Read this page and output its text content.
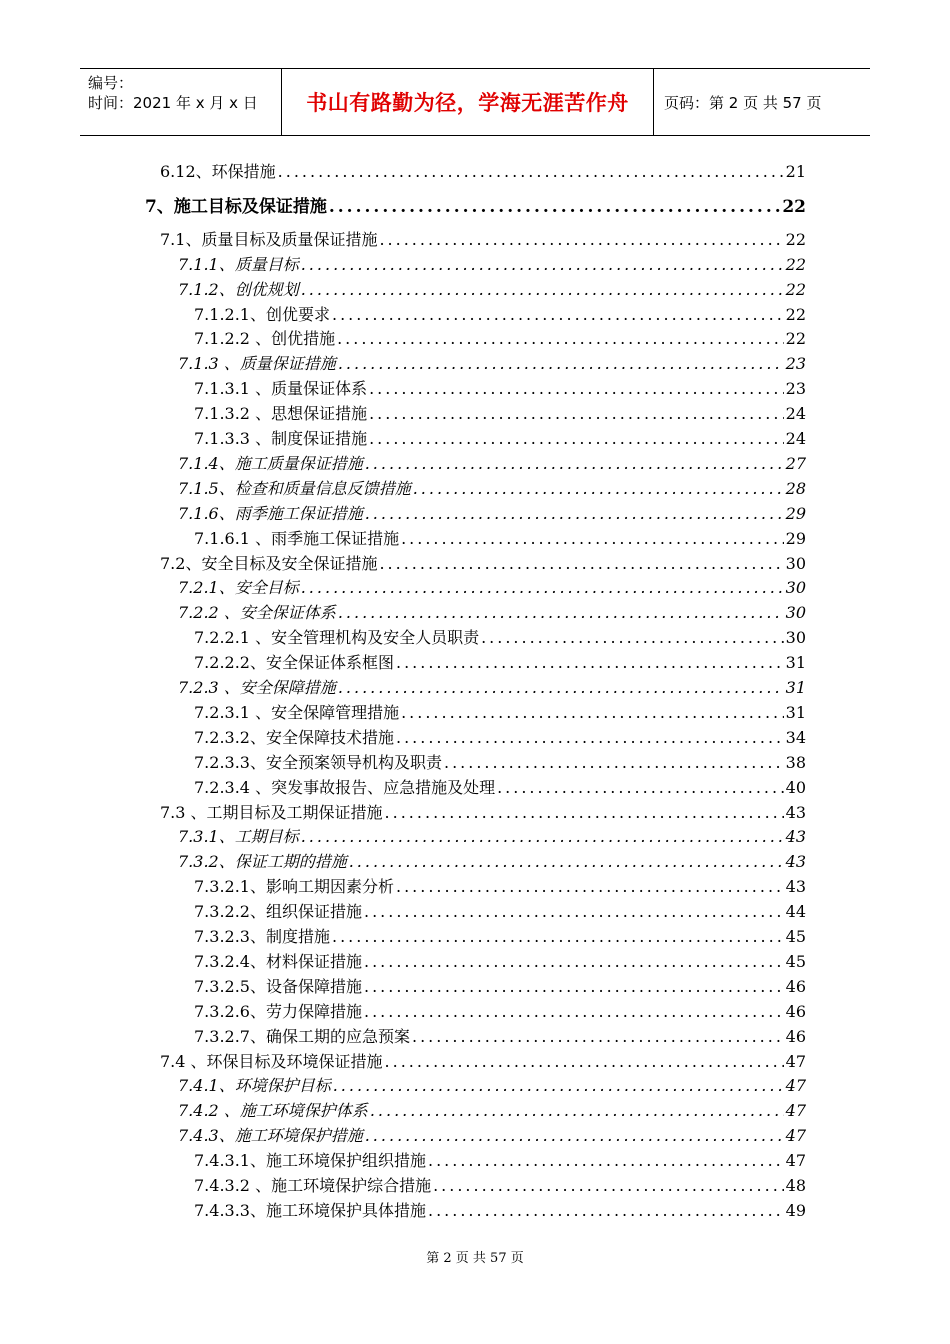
编号：
时间：2021 年 x 月 x 日	书山有路勤为径，学海无涯苦作舟 页码：第 2 页 共 57 页
6.12、环保措施 .....	21
7、施工目标及保证措施 .....	22
7.1、质量目标及质量保证措施 .....	22
7.1.1、质量目标 .....	22
7.1.2、创优规划 .....	22
7.1.2.1、创优要求 .....	22
7.1.2.2 、创优措施 .....	22
7.1.3 、质量保证措施 .....	23
7.1.3.1 、质量保证体系 .....	23
7.1.3.2 、思想保证措施 .....	24
7.1.3.3 、制度保证措施 .....	24
7.1.4、施工质量保证措施 .....	27
7.1.5、检查和质量信息反馈措施 .....	28
7.1.6、雨季施工保证措施 .....	29
7.1.6.1 、雨季施工保证措施 .....	29
7.2、安全目标及安全保证措施 .....	30
7.2.1、安全目标 .....	30
7.2.2 、安全保证体系 .....	30
7.2.2.1 、安全管理机构及安全人员职责 .....	30
7.2.2.2、安全保证体系框图 .....	31
7.2.3 、安全保障措施 .....	31
7.2.3.1 、安全保障管理措施 .....	31
7.2.3.2、安全保障技术措施 .....	34
7.2.3.3、安全预案领导机构及职责 .....	38
7.2.3.4 、突发事故报告、应急措施及处理 .....	40
7.3 、工期目标及工期保证措施 .....	43
7.3.1、工期目标 .....	43
7.3.2、保证工期的措施 .....	43
7.3.2.1、影响工期因素分析 .....	43
7.3.2.2、组织保证措施 .....	44
7.3.2.3、制度措施 .....	45
7.3.2.4、材料保证措施 .....	45
7.3.2.5、设备保障措施 .....	46
7.3.2.6、劳力保障措施 .....	46
7.3.2.7、确保工期的应急预案 .....	46
7.4 、环保目标及环境保证措施 .....	47
7.4.1、环境保护目标 .....	47
7.4.2 、施工环境保护体系 .....	47
7.4.3、施工环境保护措施 .....	47
7.4.3.1、施工环境保护组织措施 .....	47
7.4.3.2 、施工环境保护综合措施 .....	48
7.4.3.3、施工环境保护具体措施 .....	49
第 2 页 共 57 页
